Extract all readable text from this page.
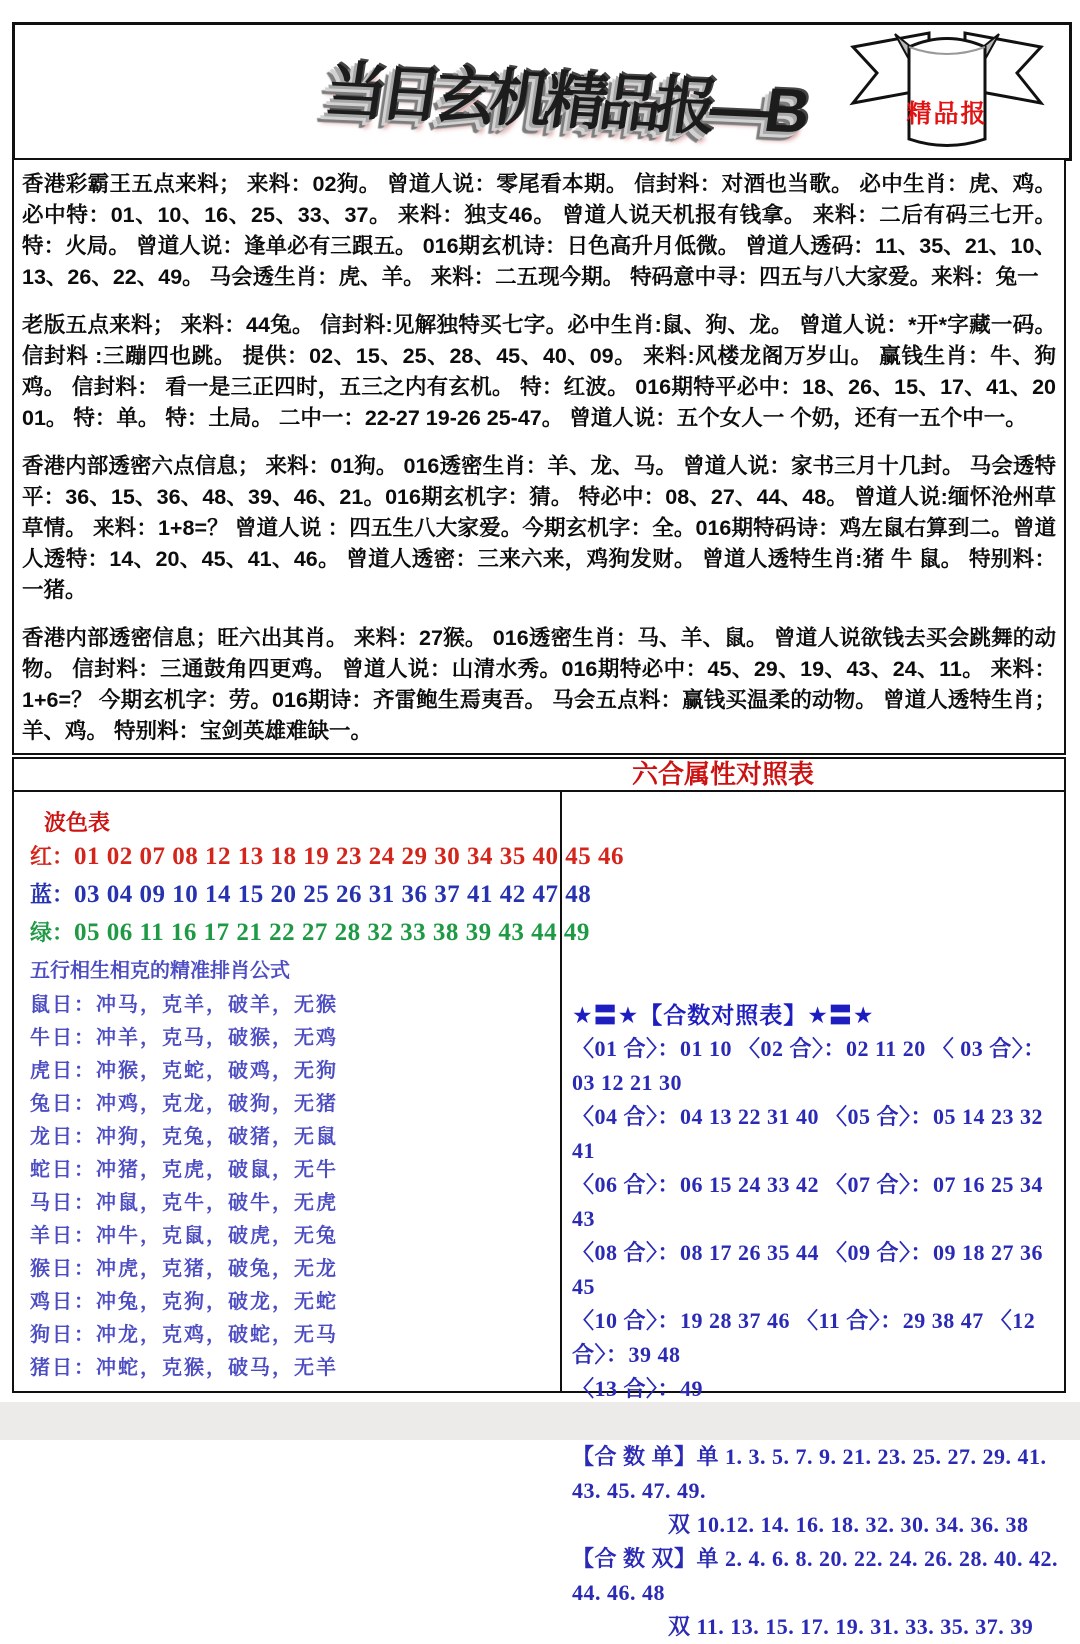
当日玄机精品报—B	精品报

香港彩霸王五点来料； 来料：02狗。 曾道人说：零尾看本期。 信封料：对酒也当歌。 必中生肖：虎、鸡。必中特：01、10、16、25、33、37。 来料：独支46。 曾道人说天机报有钱拿。 来料：二后有码三七开。特：火局。 曾道人说：逢单必有三跟五。 016期玄机诗：日色高升月低微。 曾道人透码：11、35、21、10、13、26、22、49。 马会透生肖：虎、羊。 来料：二五现今期。 特码意中寻：四五与八大家爱。来料：兔一

老版五点来料； 来料：44兔。 信封料:见解独特买七字。必中生肖:鼠、狗、龙。 曾道人说：*开*字藏一码。 信封料 :三蹦四也跳。 提供：02、15、25、28、45、40、09。 来料:风楼龙阁万岁山。 赢钱生肖：牛、狗鸡。 信封料： 看一是三正四时，五三之内有玄机。 特：红波。 016期特平必中：18、26、15、17、41、20 01。 特：单。 特：土局。 二中一：22-27 19-26 25-47。 曾道人说：五个女人一 个奶，还有一五个中一。

香港内部透密六点信息； 来料：01狗。 016透密生肖：羊、龙、马。 曾道人说：家书三月十几封。 马会透特平：36、15、36、48、39、46、21。016期玄机字：猜。 特必中：08、27、44、48。 曾道人说:缅怀沧州草草情。 来料：1+8=？ 曾道人说 ：四五生八大家爱。今期玄机字：全。016期特码诗：鸡左鼠右算到二。曾道人透特：14、20、45、41、46。 曾道人透密：三来六来，鸡狗发财。 曾道人透特生肖:猪 牛 鼠。 特别料：一猪。

香港内部透密信息；旺六出其肖。 来料：27猴。 016透密生肖：马、羊、鼠。 曾道人说欲钱去买会跳舞的动物。 信封料：三通鼓角四更鸡。 曾道人说：山清水秀。016期特必中：45、29、19、43、24、11。 来料：1+6=？ 今期玄机字：劳。016期诗：齐雷鲍生焉夷吾。 马会五点料：赢钱买温柔的动物。 曾道人透特生肖；羊、鸡。 特别料：宝剑英雄难缺一。

六合属性对照表
波色表
红：01 02 07 08 12 13 18 19 23 24 29 30 34 35 40 45 46
蓝：03 04 09 10 14 15 20 25 26 31 36 37 41 42 47 48
绿：05 06 11 16 17 21 22 27 28 32 33 38 39 43 44 49
五行相生相克的精准排肖公式
鼠日：冲马，克羊，破羊，无猴
牛日：冲羊，克马，破猴，无鸡
虎日：冲猴，克蛇，破鸡，无狗
兔日：冲鸡，克龙，破狗，无猪
龙日：冲狗，克兔，破猪，无鼠
蛇日：冲猪，克虎，破鼠，无牛
马日：冲鼠，克牛，破牛，无虎
羊日：冲牛，克鼠，破虎，无兔
猴日：冲虎，克猪，破兔，无龙
鸡日：冲兔，克狗，破龙，无蛇
狗日：冲龙，克鸡，破蛇，无马
猪日：冲蛇，克猴，破马，无羊
★〓★【合数对照表】★〓★
〈01 合〉：01 10 〈02 合〉：02 11 20 〈 03 合〉：03 12 21 30
〈04 合〉：04 13 22 31 40 〈05 合〉：05 14 23 32 41
〈06 合〉：06 15 24 33 42 〈07 合〉：07 16 25 34 43
〈08 合〉：08 17 26 35 44 〈09 合〉：09 18 27 36 45
〈10 合〉：19 28 37 46 〈11 合〉：29 38 47 〈12 合〉：39 48
〈13 合〉：49
【合 数 单】单 1. 3. 5. 7. 9. 21. 23. 25. 27. 29. 41. 43. 45. 47. 49.
双 10.12. 14. 16. 18. 32. 30. 34. 36. 38
【合 数 双】单 2. 4. 6. 8. 20. 22. 24. 26. 28. 40. 42. 44. 46. 48
双 11. 13. 15. 17. 19. 31. 33. 35. 37. 39
